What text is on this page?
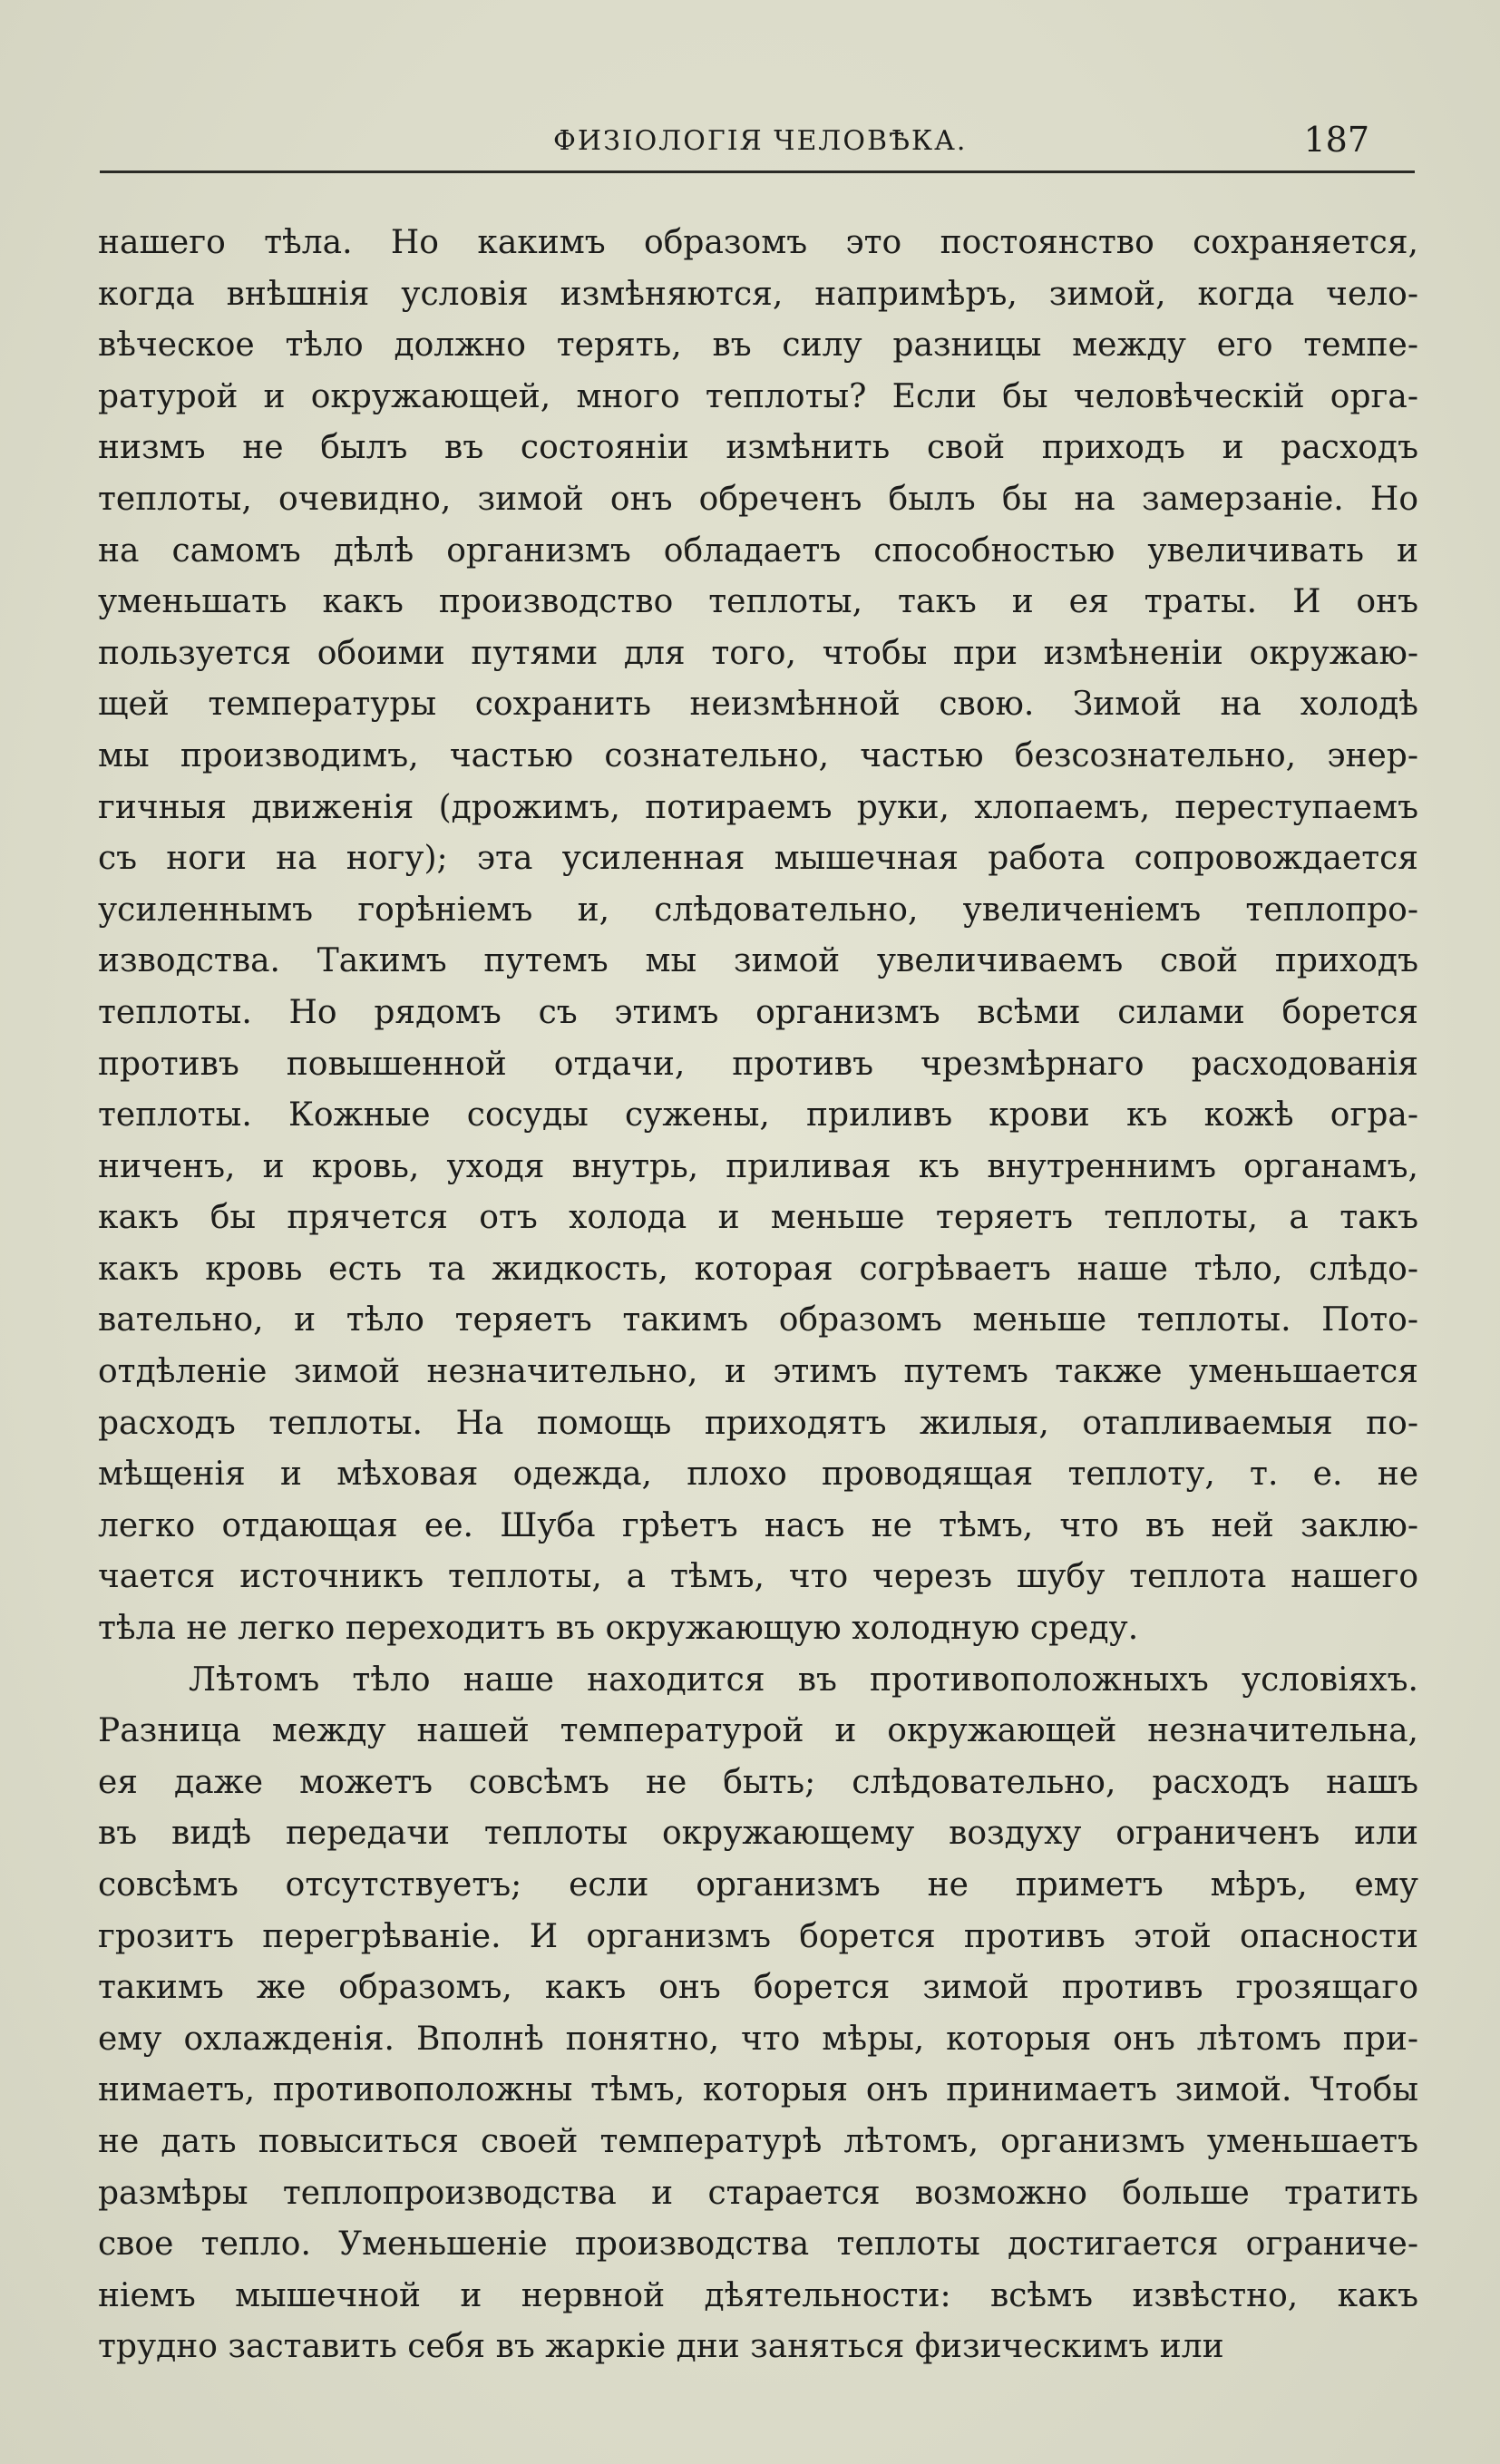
ФИЗІОЛОГІЯ ЧЕЛОВѢКА.	187
нашего тѣла. Но какимъ образомъ это постоянство сохраняется,
когда внѣшнія условія измѣняются, напримѣръ, зимой, когда чело-
вѣческое тѣло должно терять, въ силу разницы между его темпе-
ратурой и окружающей, много теплоты? Если бы человѣческій орга-
низмъ не былъ въ состояніи измѣнить свой приходъ и расходъ
теплоты, очевидно, зимой онъ обреченъ былъ бы на замерзаніе. Но
на самомъ дѣлѣ организмъ обладаетъ способностью увеличивать и
уменьшать какъ производство теплоты, такъ и ея траты. И онъ
пользуется обоими путями для того, чтобы при измѣненіи окружаю-
щей температуры сохранить неизмѣнной свою. Зимой на холодѣ
мы производимъ, частью сознательно, частью безсознательно, энер-
гичныя движенія (дрожимъ, потираемъ руки, хлопаемъ, переступаемъ
съ ноги на ногу); эта усиленная мышечная работа сопровождается
усиленнымъ горѣніемъ и, слѣдовательно, увеличеніемъ теплопро-
изводства. Такимъ путемъ мы зимой увеличиваемъ свой приходъ
теплоты. Но рядомъ съ этимъ организмъ всѣми силами борется
противъ повышенной отдачи, противъ чрезмѣрнаго расходованія
теплоты. Кожные сосуды сужены, приливъ крови къ кожѣ огра-
ниченъ, и кровь, уходя внутрь, приливая къ внутреннимъ органамъ,
какъ бы прячется отъ холода и меньше теряетъ теплоты, а такъ
какъ кровь есть та жидкость, которая согрѣваетъ наше тѣло, слѣдо-
вательно, и тѣло теряетъ такимъ образомъ меньше теплоты. Пото-
отдѣленіе зимой незначительно, и этимъ путемъ также уменьшается
расходъ теплоты. На помощь приходятъ жилыя, отапливаемыя по-
мѣщенія и мѣховая одежда, плохо проводящая теплоту, т. е. не
легко отдающая ее. Шуба грѣетъ насъ не тѣмъ, что въ ней заклю-
чается источникъ теплоты, а тѣмъ, что черезъ шубу теплота нашего
тѣла не легко переходитъ въ окружающую холодную среду.
Лѣтомъ тѣло наше находится въ противоположныхъ условіяхъ.
Разница между нашей температурой и окружающей незначительна,
ея даже можетъ совсѣмъ не быть; слѣдовательно, расходъ нашъ
въ видѣ передачи теплоты окружающему воздуху ограниченъ или
совсѣмъ отсутствуетъ; если организмъ не приметъ мѣръ, ему
грозитъ перегрѣваніе. И организмъ борется противъ этой опасности
такимъ же образомъ, какъ онъ борется зимой противъ грозящаго
ему охлажденія. Вполнѣ понятно, что мѣры, которыя онъ лѣтомъ при-
нимаетъ, противоположны тѣмъ, которыя онъ принимаетъ зимой. Чтобы
не дать повыситься своей температурѣ лѣтомъ, организмъ уменьшаетъ
размѣры теплопроизводства и старается возможно больше тратить
свое тепло. Уменьшеніе производства теплоты достигается ограниче-
ніемъ мышечной и нервной дѣятельности: всѣмъ извѣстно, какъ
трудно заставить себя въ жаркіе дни заняться физическимъ или
